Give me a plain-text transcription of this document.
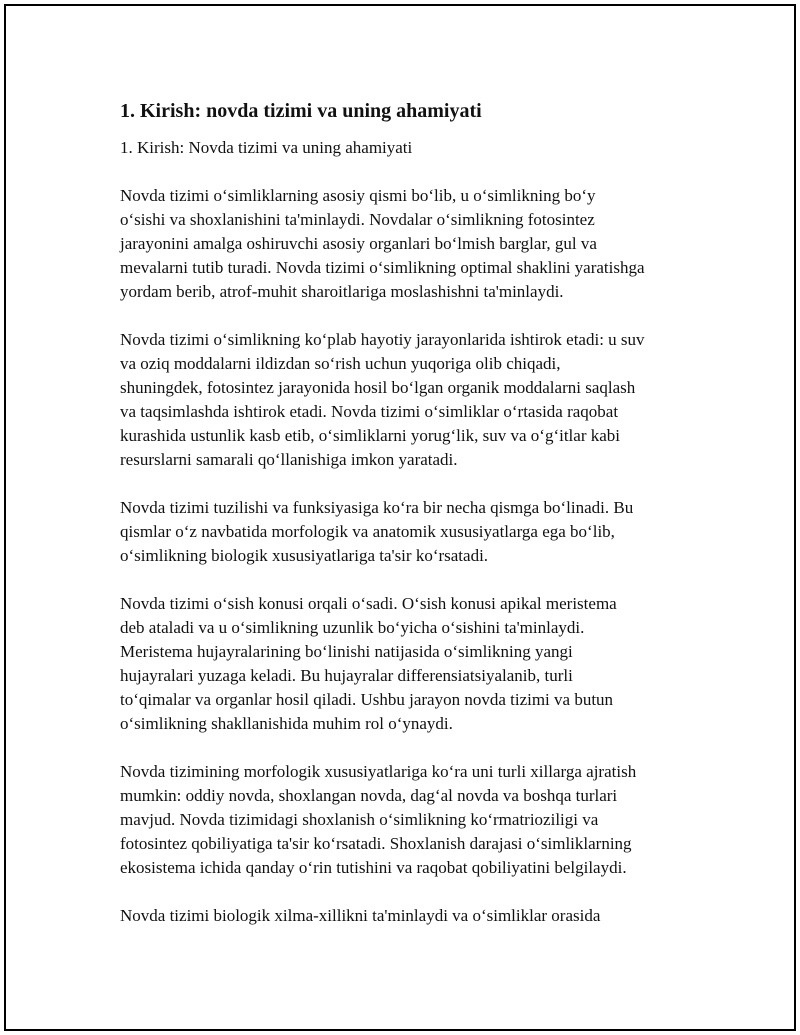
1. Kirish: novda tizimi va uning ahamiyati
1. Kirish: Novda tizimi va uning ahamiyati
Novda tizimi o‘simliklarning asosiy qismi bo‘lib, u o‘simlikning bo‘y
o‘sishi va shoxlanishini ta'minlaydi. Novdalar o‘simlikning fotosintez
jarayonini amalga oshiruvchi asosiy organlari bo‘lmish barglar, gul va
mevalarni tutib turadi. Novda tizimi o‘simlikning optimal shaklini yaratishga
yordam berib, atrof-muhit sharoitlariga moslashishni ta'minlaydi.
Novda tizimi o‘simlikning ko‘plab hayotiy jarayonlarida ishtirok etadi: u suv
va oziq moddalarni ildizdan so‘rish uchun yuqoriga olib chiqadi,
shuningdek, fotosintez jarayonida hosil bo‘lgan organik moddalarni saqlash
va taqsimlashda ishtirok etadi. Novda tizimi o‘simliklar o‘rtasida raqobat
kurashida ustunlik kasb etib, o‘simliklarni yorug‘lik, suv va o‘g‘itlar kabi
resurslarni samarali qo‘llanishiga imkon yaratadi.
Novda tizimi tuzilishi va funksiyasiga ko‘ra bir necha qismga bo‘linadi. Bu
qismlar o‘z navbatida morfologik va anatomik xususiyatlarga ega bo‘lib,
o‘simlikning biologik xususiyatlariga ta'sir ko‘rsatadi.
Novda tizimi o‘sish konusi orqali o‘sadi. O‘sish konusi apikal meristema
deb ataladi va u o‘simlikning uzunlik bo‘yicha o‘sishini ta'minlaydi.
Meristema hujayralarining bo‘linishi natijasida o‘simlikning yangi
hujayralari yuzaga keladi. Bu hujayralar differensiatsiyalanib, turli
to‘qimalar va organlar hosil qiladi. Ushbu jarayon novda tizimi va butun
o‘simlikning shakllanishida muhim rol o‘ynaydi.
Novda tizimining morfologik xususiyatlariga ko‘ra uni turli xillarga ajratish
mumkin: oddiy novda, shoxlangan novda, dag‘al novda va boshqa turlari
mavjud. Novda tizimidagi shoxlanish o‘simlikning ko‘rmatrioziligi va
fotosintez qobiliyatiga ta'sir ko‘rsatadi. Shoxlanish darajasi o‘simliklarning
ekosistema ichida qanday o‘rin tutishini va raqobat qobiliyatini belgilaydi.
Novda tizimi biologik xilma-xillikni ta'minlaydi va o‘simliklar orasida
